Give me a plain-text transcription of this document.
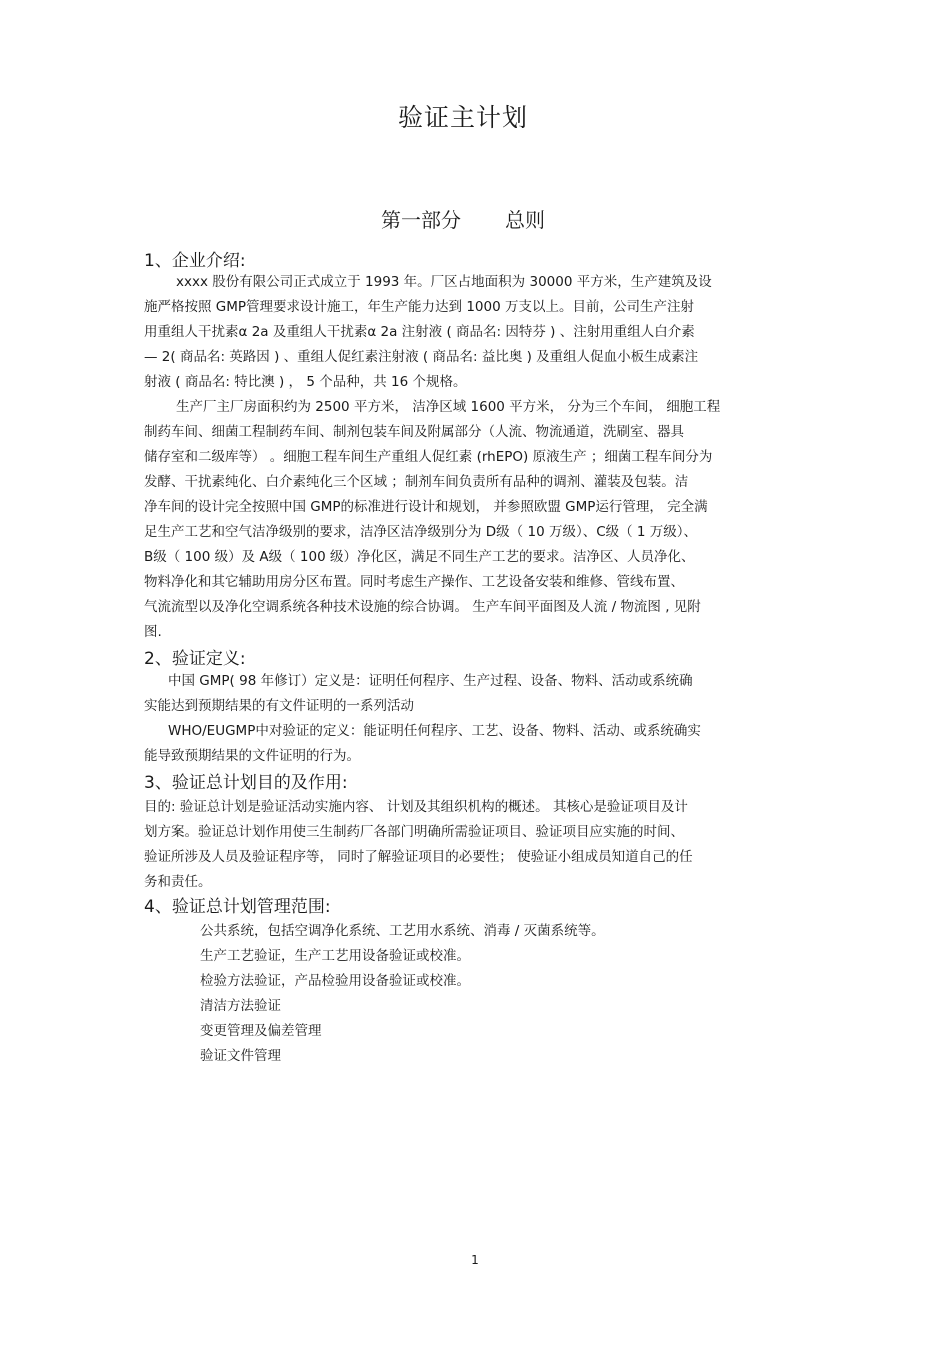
验证主计划
第一部分 总则
1、企业介绍:
xxxx 股份有限公司正式成立于 1993 年。厂区占地面积为 30000 平方米，生产建筑及设
施严格按照 GMP管理要求设计施工，年生产能力达到 1000 万支以上。目前，公司生产注射
用重组人干扰素α 2a 及重组人干扰素α 2a 注射液 ( 商品名: 因特芬 ) 、注射用重组人白介素
— 2( 商品名: 英路因 ) 、重组人促红素注射液 ( 商品名: 益比奥 ) 及重组人促血小板生成素注
射液 ( 商品名: 特比澳 ) ， 5 个品种，共 16 个规格。
生产厂主厂房面积约为 2500 平方米， 洁净区域 1600 平方米， 分为三个车间， 细胞工程
制药车间、细菌工程制药车间、制剂包装车间及附属部分（人流、物流通道，洗刷室、器具
储存室和二级库等） 。细胞工程车间生产重组人促红素 (rhEPO) 原液生产 ；细菌工程车间分为
发酵、干扰素纯化、白介素纯化三个区域 ；制剂车间负责所有品种的调剂、灌装及包装。洁
净车间的设计完全按照中国 GMP的标准进行设计和规划， 并参照欧盟 GMP运行管理， 完全满
足生产工艺和空气洁净级别的要求，洁净区洁净级别分为 D级（ 10 万级）、C级（ 1 万级）、
B级（ 100 级）及 A级（ 100 级）净化区，满足不同生产工艺的要求。洁净区、人员净化、
物料净化和其它辅助用房分区布置。同时考虑生产操作、工艺设备安装和维修、管线布置、
气流流型以及净化空调系统各种技术设施的综合协调。 生产车间平面图及人流 / 物流图 , 见附
图.
2、验证定义:
中国 GMP( 98 年修订）定义是：证明任何程序、生产过程、设备、物料、活动或系统确
实能达到预期结果的有文件证明的一系列活动
WHO/EUGMP中对验证的定义：能证明任何程序、工艺、设备、物料、活动、或系统确实
能导致预期结果的文件证明的行为。
3、验证总计划目的及作用:
目的: 验证总计划是验证活动实施内容、 计划及其组织机构的概述。 其核心是验证项目及计
划方案。验证总计划作用使三生制药厂各部门明确所需验证项目、验证项目应实施的时间、
验证所涉及人员及验证程序等， 同时了解验证项目的必要性； 使验证小组成员知道自己的任
务和责任。
4、验证总计划管理范围:
公共系统，包括空调净化系统、工艺用水系统、消毒 / 灭菌系统等。
生产工艺验证，生产工艺用设备验证或校准。
检验方法验证，产品检验用设备验证或校准。
清洁方法验证
变更管理及偏差管理
验证文件管理
1
